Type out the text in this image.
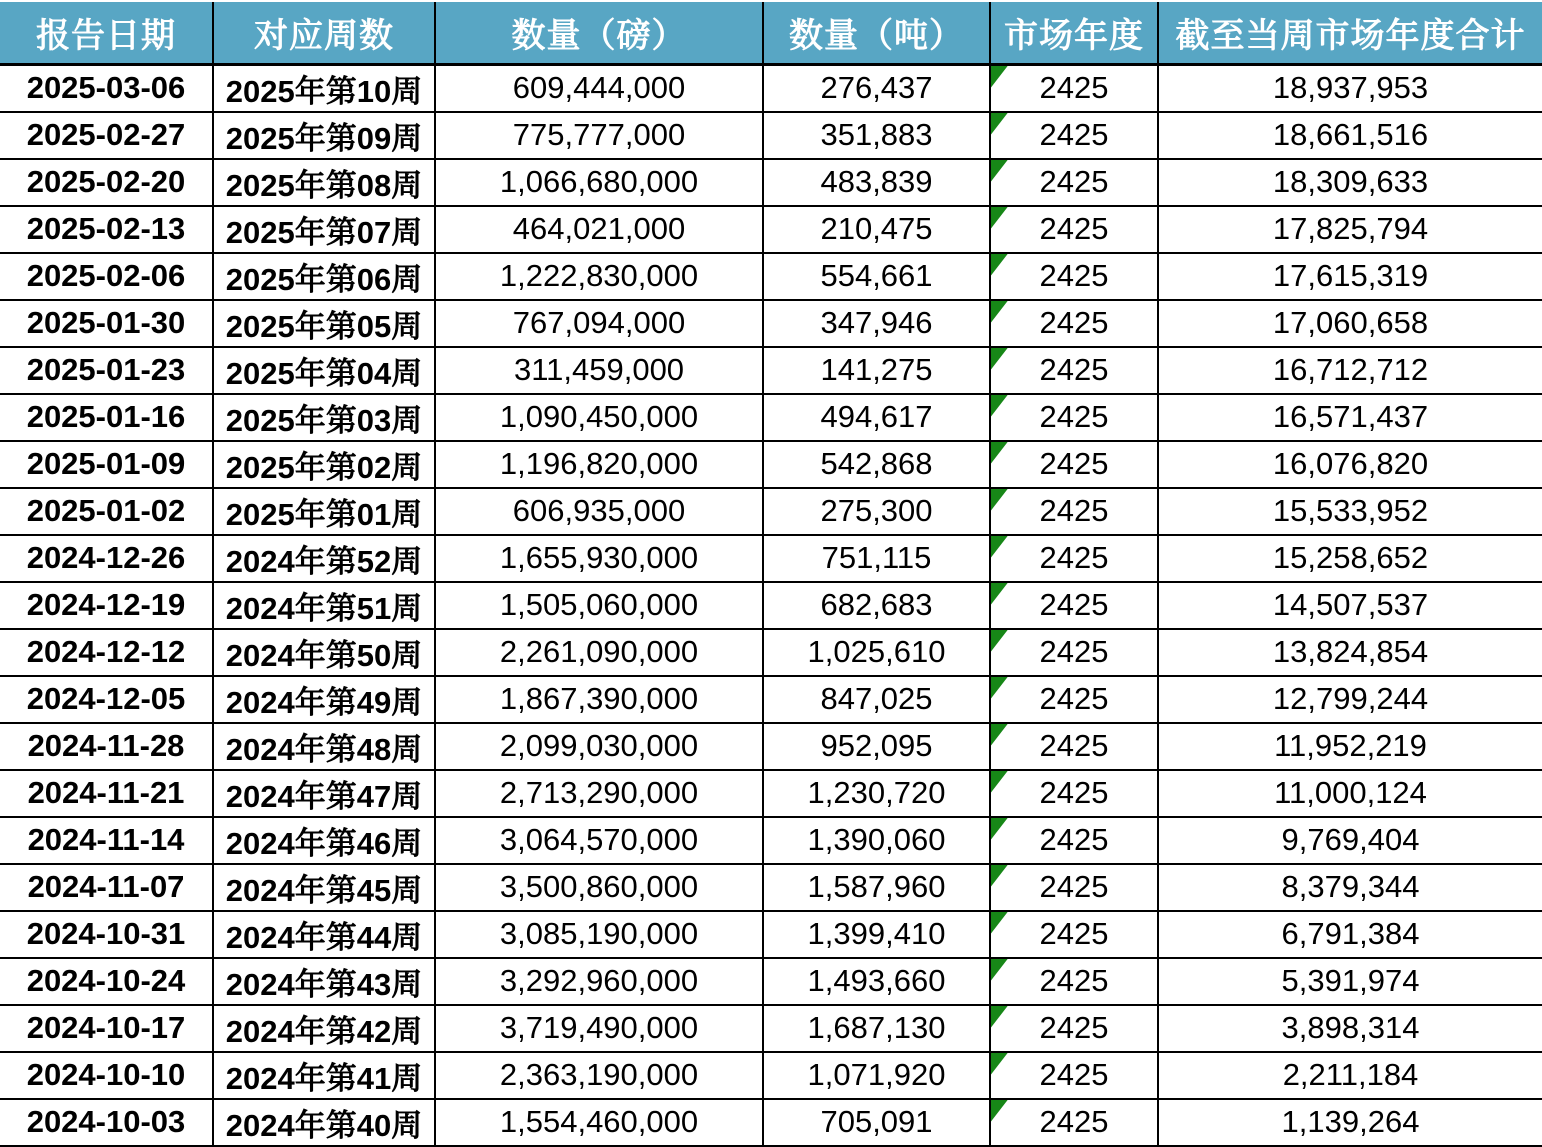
报告日期	对应周数	数量（磅）	数量（吨）	市场年度	截至当周市场年度合计
2025-03-06	2025年第10周	609,444,000	276,437	2425	18,937,953
2025-02-27	2025年第09周	775,777,000	351,883	2425	18,661,516
2025-02-20	2025年第08周	1,066,680,000	483,839	2425	18,309,633
2025-02-13	2025年第07周	464,021,000	210,475	2425	17,825,794
2025-02-06	2025年第06周	1,222,830,000	554,661	2425	17,615,319
2025-01-30	2025年第05周	767,094,000	347,946	2425	17,060,658
2025-01-23	2025年第04周	311,459,000	141,275	2425	16,712,712
2025-01-16	2025年第03周	1,090,450,000	494,617	2425	16,571,437
2025-01-09	2025年第02周	1,196,820,000	542,868	2425	16,076,820
2025-01-02	2025年第01周	606,935,000	275,300	2425	15,533,952
2024-12-26	2024年第52周	1,655,930,000	751,115	2425	15,258,652
2024-12-19	2024年第51周	1,505,060,000	682,683	2425	14,507,537
2024-12-12	2024年第50周	2,261,090,000	1,025,610	2425	13,824,854
2024-12-05	2024年第49周	1,867,390,000	847,025	2425	12,799,244
2024-11-28	2024年第48周	2,099,030,000	952,095	2425	11,952,219
2024-11-21	2024年第47周	2,713,290,000	1,230,720	2425	11,000,124
2024-11-14	2024年第46周	3,064,570,000	1,390,060	2425	9,769,404
2024-11-07	2024年第45周	3,500,860,000	1,587,960	2425	8,379,344
2024-10-31	2024年第44周	3,085,190,000	1,399,410	2425	6,791,384
2024-10-24	2024年第43周	3,292,960,000	1,493,660	2425	5,391,974
2024-10-17	2024年第42周	3,719,490,000	1,687,130	2425	3,898,314
2024-10-10	2024年第41周	2,363,190,000	1,071,920	2425	2,211,184
2024-10-03	2024年第40周	1,554,460,000	705,091	2425	1,139,264
